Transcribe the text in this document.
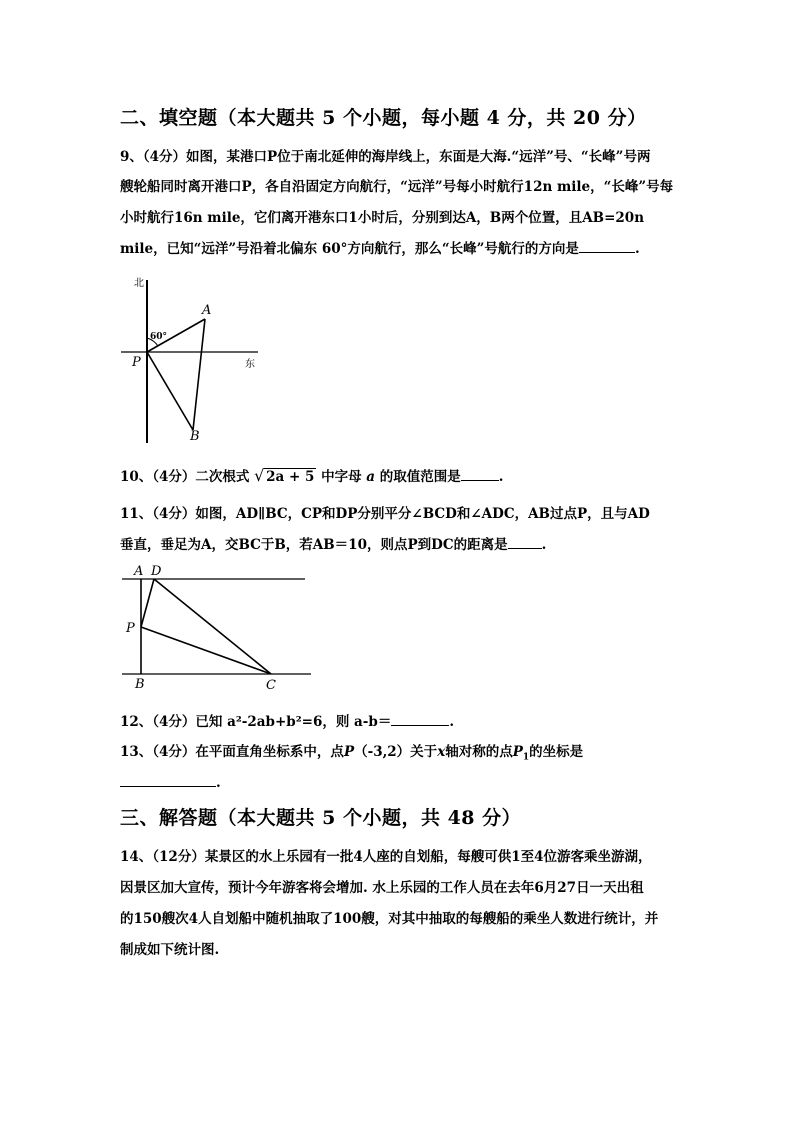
二、填空题（本大题共 5 个小题，每小题 4 分，共 20 分）
9、（4分）如图，某港口P位于南北延伸的海岸线上，东面是大海.“远洋”号、“长峰”号两
艘轮船同时离开港口P，各自沿固定方向航行，“远洋”号每小时航行12n mile，“长峰”号每
小时航行16n mile，它们离开港东口1小时后，分别到达A，B两个位置，且AB=20n
mile，已知“远洋”号沿着北偏东 60°方向航行，那么“长峰”号航行的方向是	.
北
东
60°
P
A
B
10、（4分）二次根式 √ 2a + 5 中字母 a 的取值范围是	.
11、（4分）如图，AD∥BC，CP和DP分别平分∠BCD和∠ADC，AB过点P，且与AD
垂直，垂足为A，交BC于B，若AB＝10，则点P到DC的距离是	.
A D
P
B	C
12、（4分）已知 a²-2ab+b²=6，则 a-b＝	.
13、（4分）在平面直角坐标系中，点P（-3,2）关于x轴对称的点$P_1$的坐标是
.
三、解答题（本大题共 5 个小题，共 48 分）
14、（12分）某景区的水上乐园有一批4人座的自划船，每艘可供1至4位游客乘坐游湖，
因景区加大宣传，预计今年游客将会增加. 水上乐园的工作人员在去年6月27日一天出租
的150艘次4人自划船中随机抽取了100艘，对其中抽取的每艘船的乘坐人数进行统计，并
制成如下统计图.
